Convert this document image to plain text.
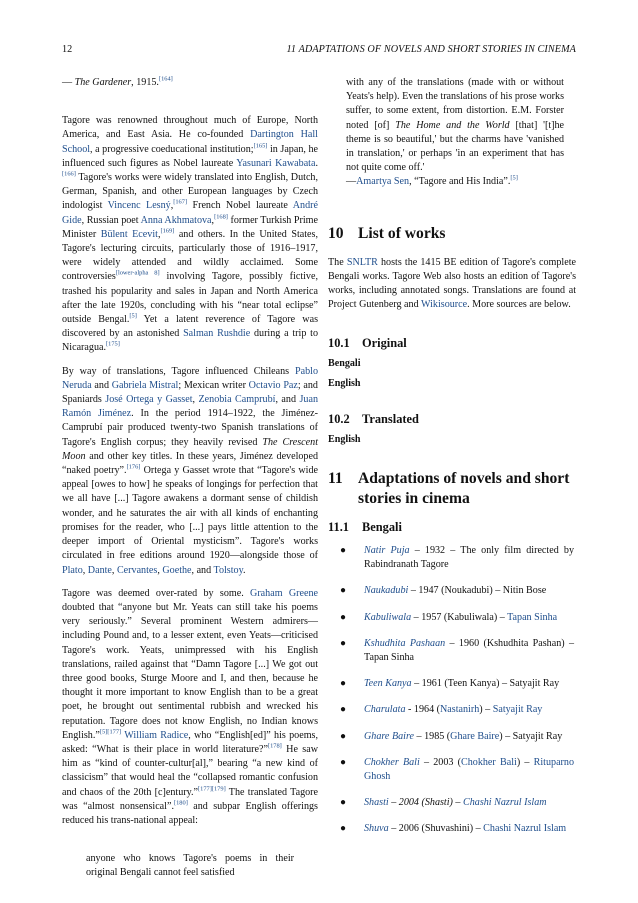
12	11 ADAPTATIONS OF NOVELS AND SHORT STORIES IN CINEMA

— The Gardener, 1915.[164]

Tagore was renowned throughout much of Europe, North America, and East Asia. He co-founded Dartington Hall School, a progressive coeducational institution;[165] in Japan, he influenced such figures as Nobel laureate Yasunari Kawabata.[166] Tagore's works were widely translated into English, Dutch, German, Spanish, and other European languages by Czech indologist Vincenc Lesný,[167] French Nobel laureate André Gide, Russian poet Anna Akhmatova,[168] former Turkish Prime Minister Bülent Ecevit,[169] and others. In the United States, Tagore's lecturing circuits, particularly those of 1916–1917, were widely attended and wildly acclaimed. Some controversies[lower-alpha 8] involving Tagore, possibly fictive, trashed his popularity and sales in Japan and North America after the late 1920s, concluding with his “near total eclipse” outside Bengal.[5] Yet a latent reverence of Tagore was discovered by an astonished Salman Rushdie during a trip to Nicaragua.[175]

By way of translations, Tagore influenced Chileans Pablo Neruda and Gabriela Mistral; Mexican writer Octavio Paz; and Spaniards José Ortega y Gasset, Zenobia Camprubí, and Juan Ramón Jiménez. In the period 1914–1922, the Jiménez-Camprubí pair produced twenty-two Spanish translations of Tagore's English corpus; they heavily revised The Crescent Moon and other key titles. In these years, Jiménez developed “naked poetry”.[176] Ortega y Gasset wrote that “Tagore's wide appeal [owes to how] he speaks of longings for perfection that we all have [...] Tagore awakens a dormant sense of childish wonder, and he saturates the air with all kinds of enchanting promises for the reader, who [...] pays little attention to the deeper import of Oriental mysticism”. Tagore's works circulated in free editions around 1920—alongside those of Plato, Dante, Cervantes, Goethe, and Tolstoy.

Tagore was deemed over-rated by some. Graham Greene doubted that “anyone but Mr. Yeats can still take his poems very seriously.” Several prominent Western admirers—including Pound and, to a lesser extent, even Yeats—criticised Tagore's work. Yeats, unimpressed with his English translations, railed against that “Damn Tagore [...] We got out three good books, Sturge Moore and I, and then, because he thought it more important to know English than to be a great poet, he brought out sentimental rubbish and wrecked his reputation. Tagore does not know English, no Indian knows English.”[5][177] William Radice, who “English[ed]” his poems, asked: “What is their place in world literature?”[178] He saw him as “kind of counter-cultur[al],” bearing “a new kind of classicism” that would heal the “collapsed romantic confusion and chaos of the 20th [c]entury.”[177][179] The translated Tagore was “almost nonsensical”.[180] and subpar English offerings reduced his trans-national appeal:

anyone who knows Tagore's poems in their original Bengali cannot feel satisfied

with any of the translations (made with or without Yeats's help). Even the translations of his prose works suffer, to some extent, from distortion. E.M. Forster noted [of] The Home and the World [that] '[t]he theme is so beautiful,' but the charms have 'vanished in translation,' or perhaps 'in an experiment that has not quite come off.'
—Amartya Sen, “Tagore and His India”.[5]

10 List of works

The SNLTR hosts the 1415 BE edition of Tagore's complete Bengali works. Tagore Web also hosts an edition of Tagore's works, including annotated songs. Translations are found at Project Gutenberg and Wikisource. More sources are below.

10.1 Original
Bengali
English
10.2 Translated
English
11 Adaptations of novels and short stories in cinema
11.1	Bengali
● Natir Puja – 1932 – The only film directed by Rabindranath Tagore
● Naukadubi – 1947 (Noukadubi) – Nitin Bose
● Kabuliwala – 1957 (Kabuliwala) – Tapan Sinha
● Kshudhita Pashaan – 1960 (Kshudhita Pashan) – Tapan Sinha
● Teen Kanya – 1961 (Teen Kanya) – Satyajit Ray
● Charulata - 1964 (Nastanirh) – Satyajit Ray
● Ghare Baire – 1985 (Ghare Baire) – Satyajit Ray
● Chokher Bali – 2003 (Chokher Bali) – Rituparno Ghosh
● Shasti – 2004 (Shasti) – Chashi Nazrul Islam
● Shuva – 2006 (Shuvashini) – Chashi Nazrul Islam
